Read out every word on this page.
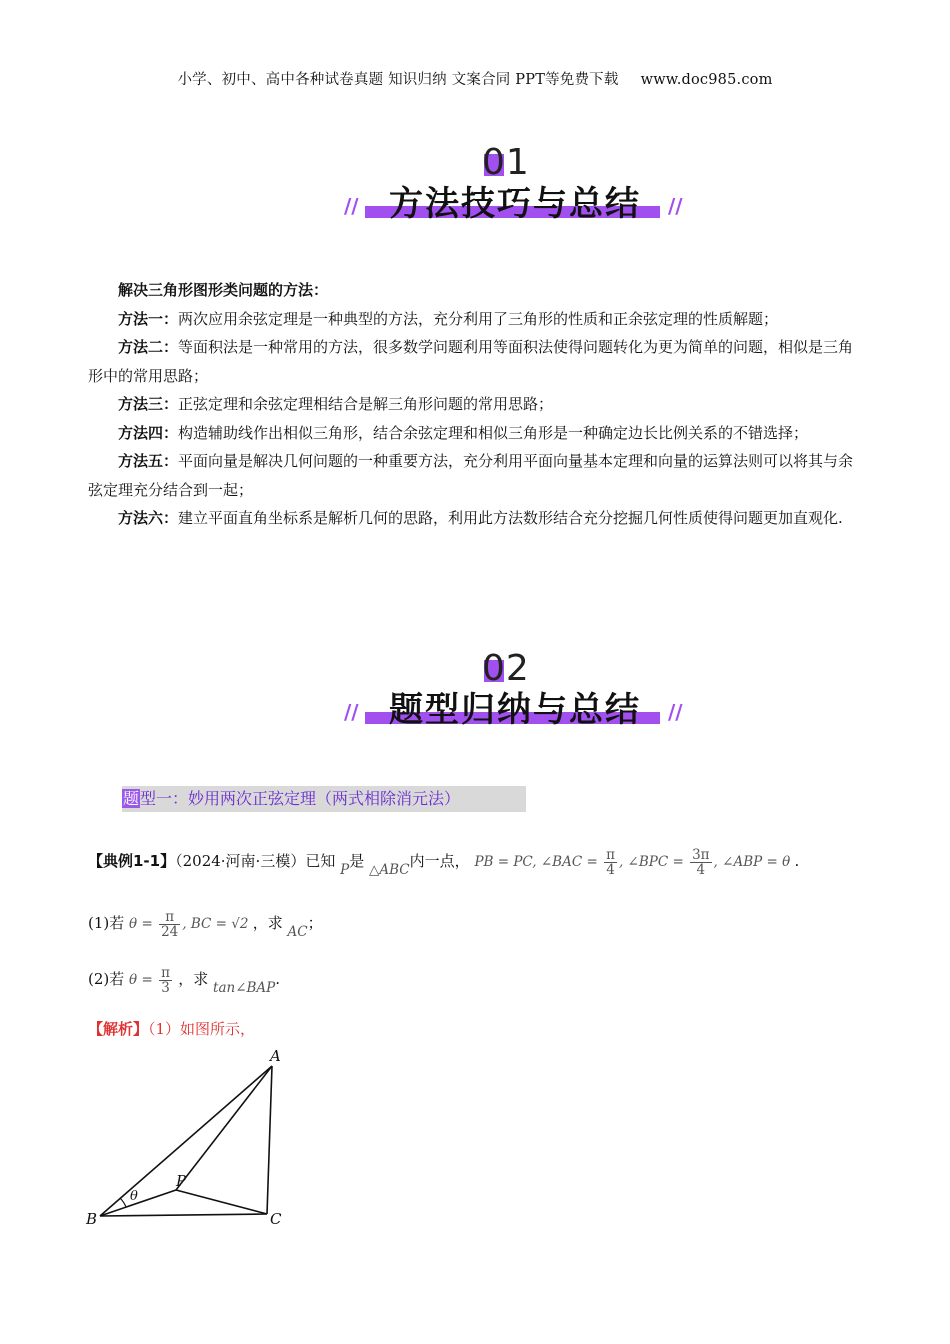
小学、初中、高中各种试卷真题 知识归纳 文案合同 PPT等免费下载 www.doc985.com
01
方法技巧与总结
//	//
解决三角形图形类问题的方法：
方法一：两次应用余弦定理是一种典型的方法，充分利用了三角形的性质和正余弦定理的性质解题；
方法二：等面积法是一种常用的方法，很多数学问题利用等面积法使得问题转化为更为简单的问题，相似是三角形中的常用思路；
方法三：正弦定理和余弦定理相结合是解三角形问题的常用思路；
方法四：构造辅助线作出相似三角形，结合余弦定理和相似三角形是一种确定边长比例关系的不错选择；
方法五：平面向量是解决几何问题的一种重要方法，充分利用平面向量基本定理和向量的运算法则可以将其与余弦定理充分结合到一起；
方法六：建立平面直角坐标系是解析几何的思路，利用此方法数形结合充分挖掘几何性质使得问题更加直观化.
02
题型归纳与总结
//	//
题型一：妙用两次正弦定理（两式相除消元法）
【典例1-1】（2024·河南·三模）已知 P是 △ABC内一点， PB = PC, ∠BAC = $\frac{\pi}{4}$ , ∠BPC = $\frac{3\pi}{4}$ , ∠ABP = θ .
(1)若 $\theta = \frac{\pi}{24}$ , BC = √2 ，求 AC；
(2)若 $\theta = \frac{\pi}{3}$ ，求 tan∠BAP.
【解析】（1）如图所示，
A
B	C
P
θ
